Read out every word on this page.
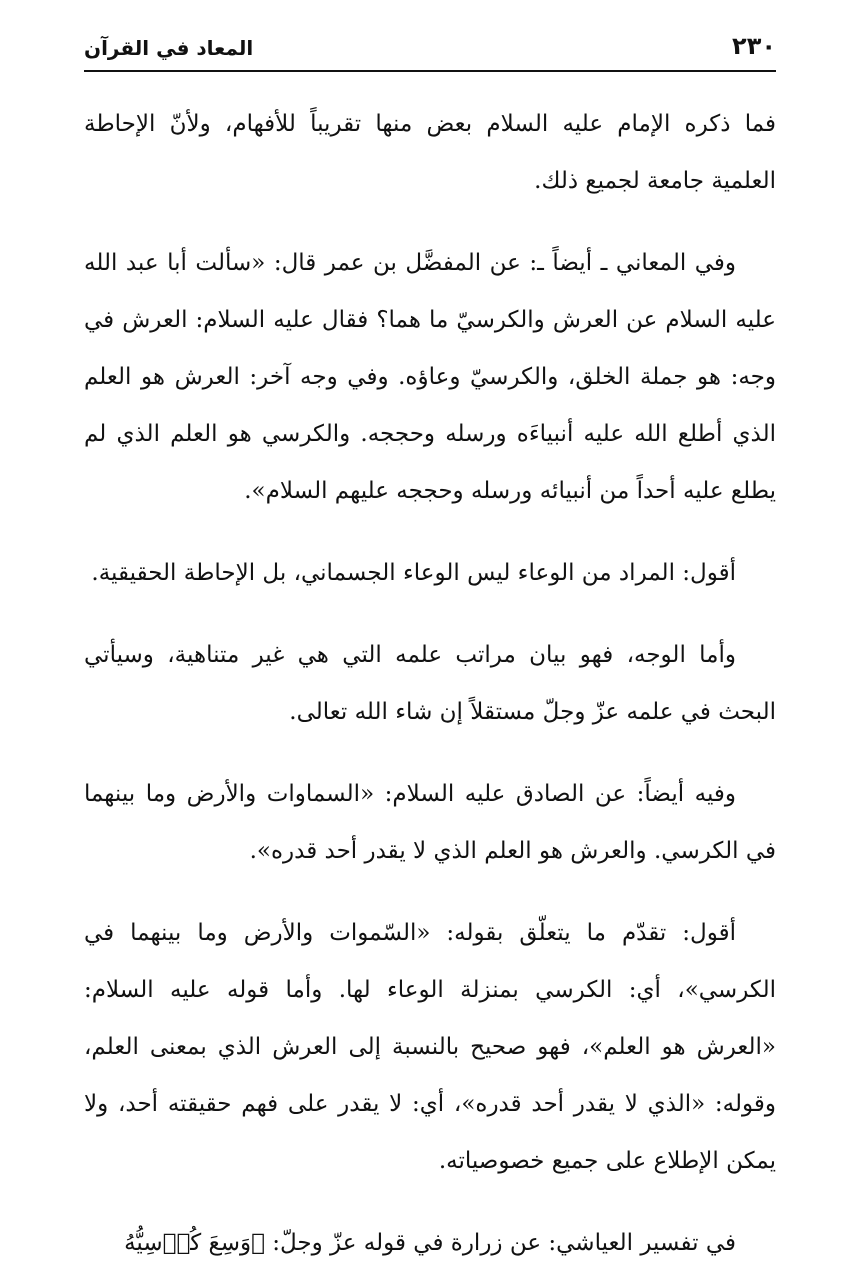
المعاد في القرآن	٢٣٠

فما ذكره الإمام عليه السلام بعض منها تقريباً للأفهام، ولأنّ الإحاطة العلمية جامعة لجميع ذلك.

وفي المعاني ـ أيضاً ـ: عن المفضَّل بن عمر قال: «سألت أبا عبد الله عليه السلام عن العرش والكرسيّ ما هما؟ فقال عليه السلام: العرش في وجه: هو جملة الخلق، والكرسيّ وعاؤه. وفي وجه آخر: العرش هو العلم الذي أطلع الله عليه أنبياءَه ورسله وحججه. والكرسي هو العلم الذي لم يطلع عليه أحداً من أنبيائه ورسله وحججه عليهم السلام».

أقول: المراد من الوعاء ليس الوعاء الجسماني، بل الإحاطة الحقيقية.

وأما الوجه، فهو بيان مراتب علمه التي هي غير متناهية، وسيأتي البحث في علمه عزّ وجلّ مستقلاً إن شاء الله تعالى.

وفيه أيضاً: عن الصادق عليه السلام: «السماوات والأرض وما بينهما في الكرسي. والعرش هو العلم الذي لا يقدر أحد قدره».

أقول: تقدّم ما يتعلّق بقوله: «السّموات والأرض وما بينهما في الكرسي»، أي: الكرسي بمنزلة الوعاء لها. وأما قوله عليه السلام: «العرش هو العلم»، فهو صحيح بالنسبة إلى العرش الذي بمعنى العلم، وقوله: «الذي لا يقدر أحد قدره»، أي: لا يقدر على فهم حقيقته أحد، ولا يمكن الإطلاع على جميع خصوصياته.

في تفسير العياشي: عن زرارة في قوله عزّ وجلّ: ﴿وَسِعَ كُرۡسِيُّهُ
